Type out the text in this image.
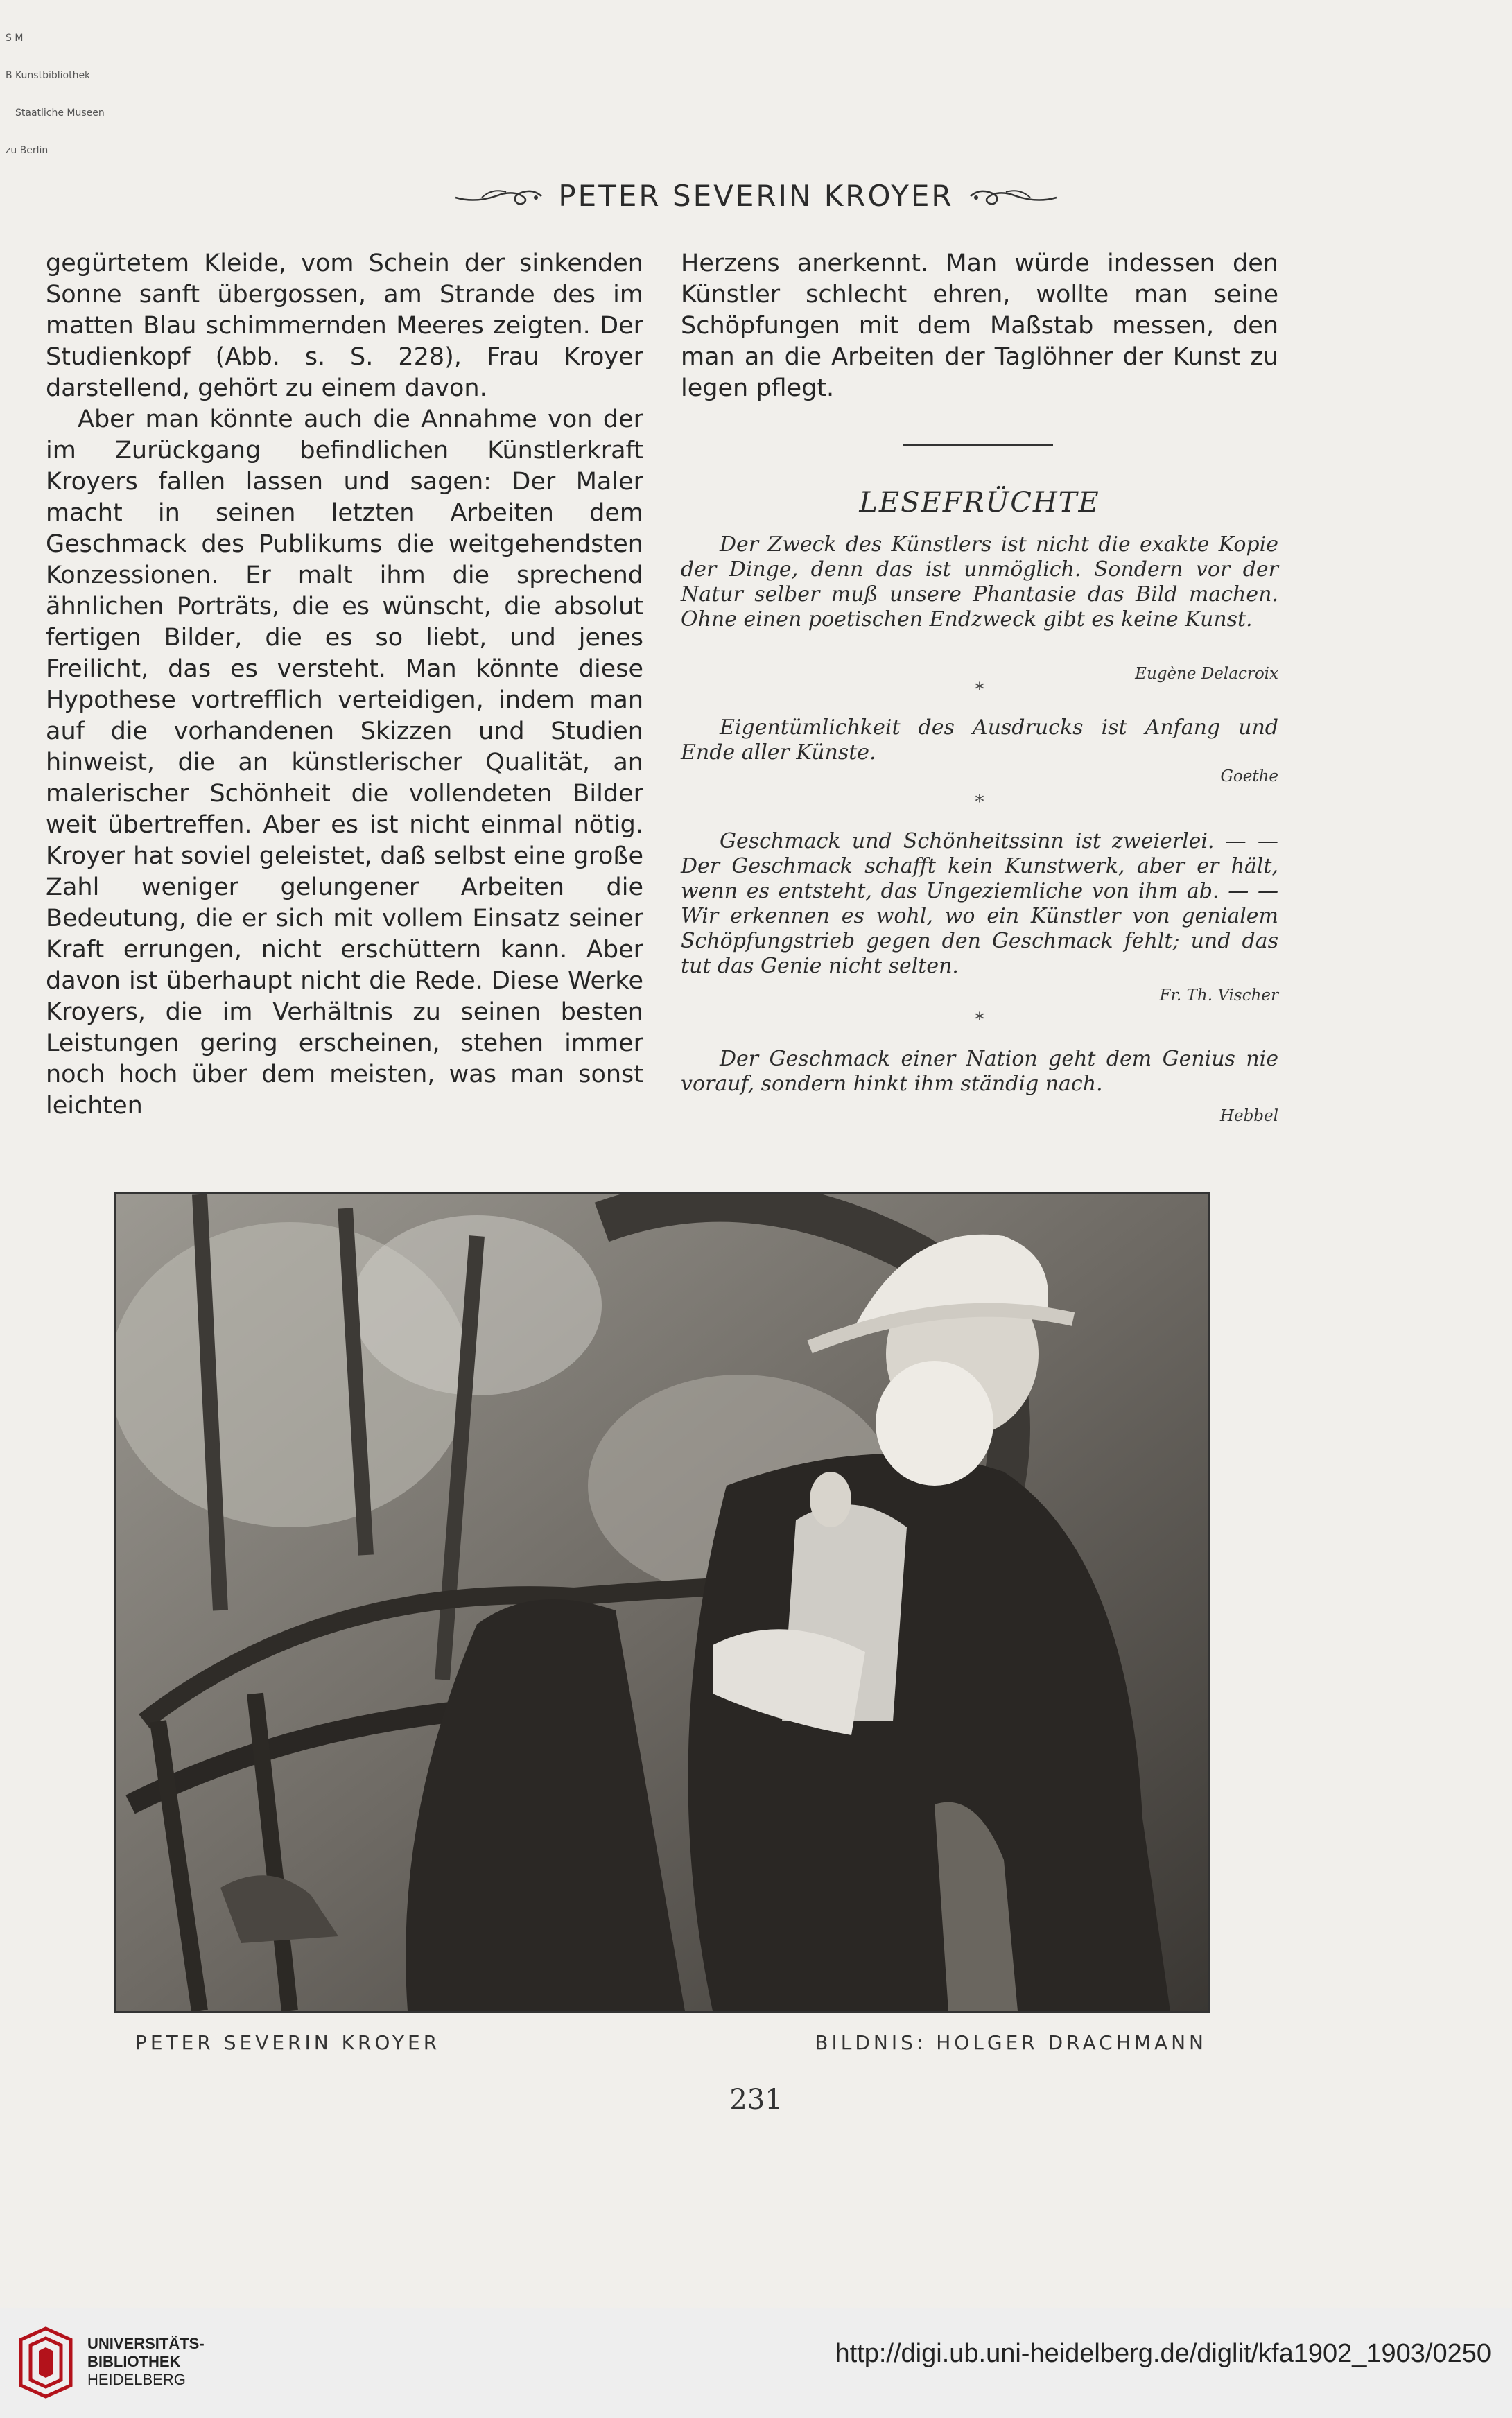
S M

B Kunstbibliothek

Staatliche Museen

zu Berlin

PETER SEVERIN KROYER

gegürtetem Kleide, vom Schein der sinkenden Sonne sanft übergossen, am Strande des im matten Blau schimmernden Meeres zeigten. Der Studienkopf (Abb. s. S. 228), Frau Kroyer darstellend, gehört zu einem davon.

Aber man könnte auch die Annahme von der im Zurückgang befindlichen Künstlerkraft Kroyers fallen lassen und sagen: Der Maler macht in seinen letzten Arbeiten dem Geschmack des Publikums die weitgehendsten Konzessionen. Er malt ihm die sprechend ähnlichen Porträts, die es wünscht, die absolut fertigen Bilder, die es so liebt, und jenes Freilicht, das es versteht. Man könnte diese Hypothese vortrefflich verteidigen, indem man auf die vorhandenen Skizzen und Studien hinweist, die an künstlerischer Qualität, an malerischer Schönheit die vollendeten Bilder weit übertreffen. Aber es ist nicht einmal nötig. Kroyer hat soviel geleistet, daß selbst eine große Zahl weniger gelungener Arbeiten die Bedeutung, die er sich mit vollem Einsatz seiner Kraft errungen, nicht erschüttern kann. Aber davon ist überhaupt nicht die Rede. Diese Werke Kroyers, die im Verhältnis zu seinen besten Leistungen gering erscheinen, stehen immer noch hoch über dem meisten, was man sonst leichten

Herzens anerkennt. Man würde indessen den Künstler schlecht ehren, wollte man seine Schöpfungen mit dem Maßstab messen, den man an die Arbeiten der Taglöhner der Kunst zu legen pflegt.

LESEFRÜCHTE

Der Zweck des Künstlers ist nicht die exakte Kopie der Dinge, denn das ist unmöglich. Sondern vor der Natur selber muß unsere Phantasie das Bild machen. Ohne einen poetischen Endzweck gibt es keine Kunst.

Eugène Delacroix
*

Eigentümlichkeit des Ausdrucks ist Anfang und Ende aller Künste.

Goethe
*

Geschmack und Schönheitssinn ist zweierlei. — — Der Geschmack schafft kein Kunstwerk, aber er hält, wenn es entsteht, das Ungeziemliche von ihm ab. — — Wir erkennen es wohl, wo ein Künstler von genialem Schöpfungstrieb gegen den Geschmack fehlt; und das tut das Genie nicht selten.

Fr. Th. Vischer
*

Der Geschmack einer Nation geht dem Genius nie vorauf, sondern hinkt ihm ständig nach.

Hebbel
PETER SEVERIN KROYER	BILDNIS: HOLGER DRACHMANN
231
UNIVERSITÄTS-
BIBLIOTHEK
HEIDELBERG
http://digi.ub.uni-heidelberg.de/diglit/kfa1902_1903/0250
